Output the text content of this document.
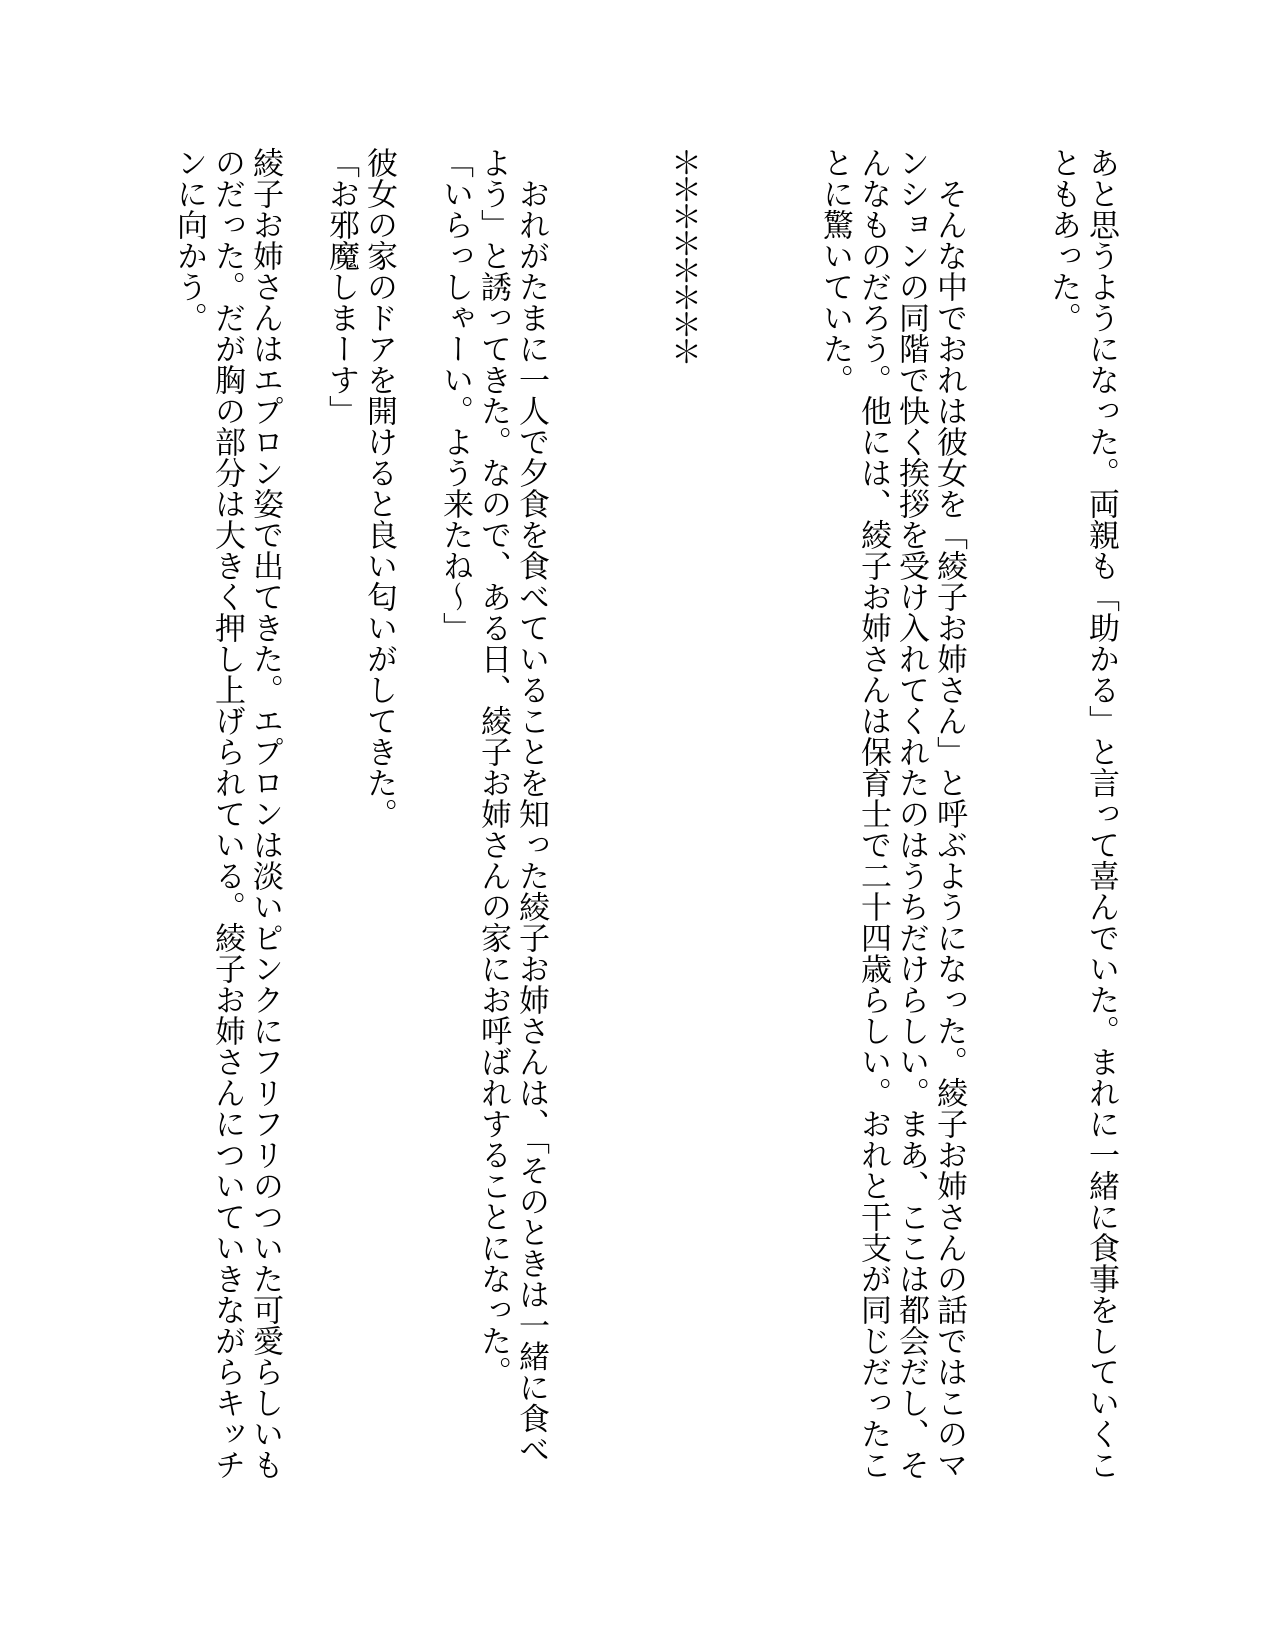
あと思うようになった。両親も「助かる」と言って喜んでいた。まれに一緒に食事をしていくこ
ともあった。
　そんな中でおれは彼女を「綾子お姉さん」と呼ぶようになった。綾子お姉さんの話ではこのマ
ンションの同階で快く挨拶を受け入れてくれたのはうちだけらしい。まあ、ここは都会だし、そ
んなものだろう。他には、綾子お姉さんは保育士で二十四歳らしい。おれと干支が同じだったこ
とに驚いていた。
＊＊＊＊＊＊＊＊
　おれがたまに一人で夕食を食べていることを知った綾子お姉さんは、「そのときは一緒に食べ
よう」と誘ってきた。なので、ある日、綾子お姉さんの家にお呼ばれすることになった。
「いらっしゃーい。よう来たね～」
彼女の家のドアを開けると良い匂いがしてきた。
「お邪魔しまーす」
綾子お姉さんはエプロン姿で出てきた。エプロンは淡いピンクにフリフリのついた可愛らしいも
のだった。だが胸の部分は大きく押し上げられている。綾子お姉さんについていきながらキッチ
ンに向かう。
